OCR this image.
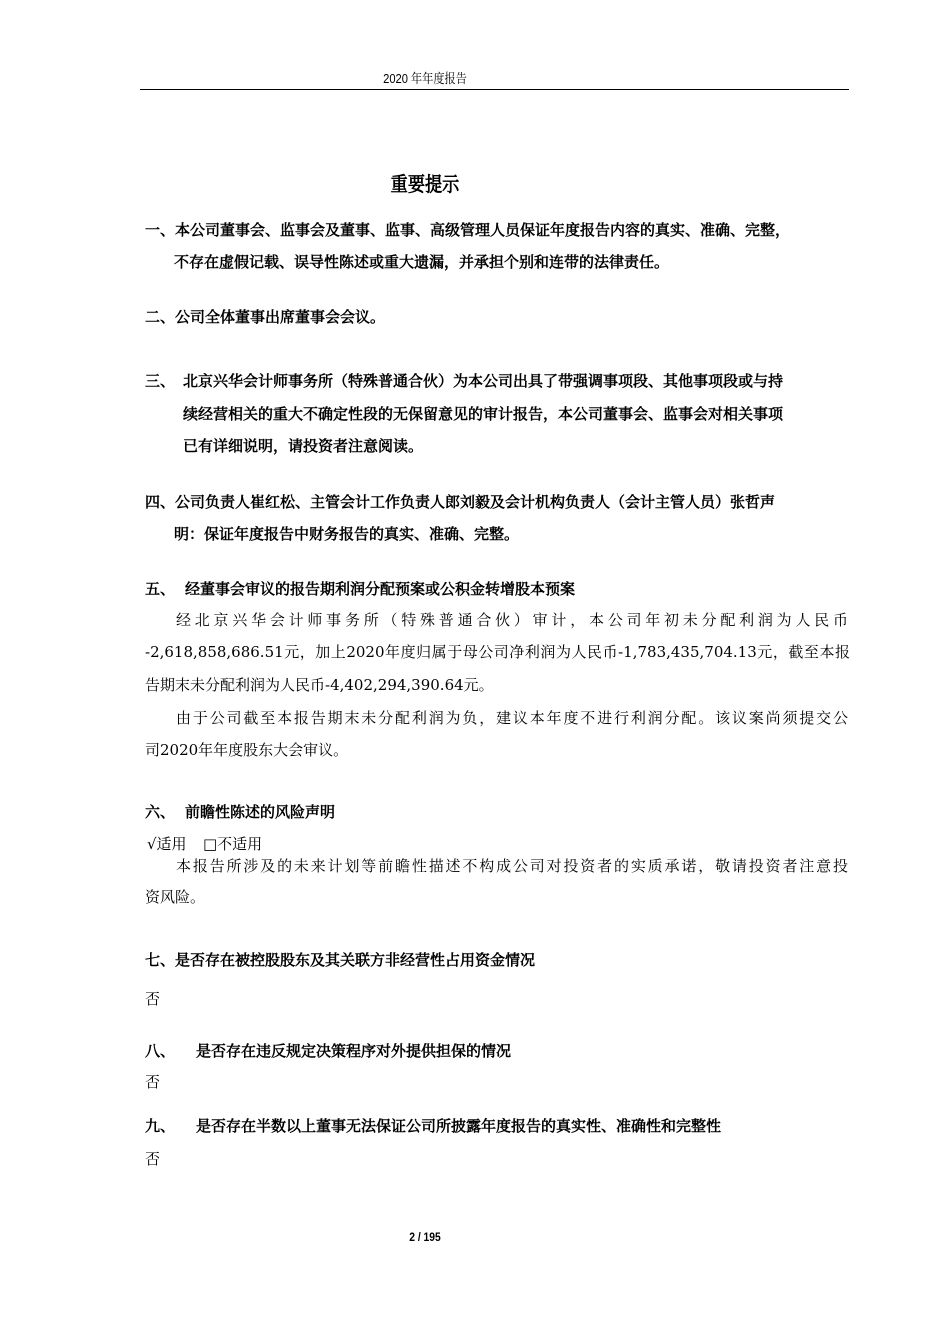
2020 年年度报告
重要提示
一、本公司董事会、监事会及董事、监事、高级管理人员保证年度报告内容的真实、准确、完整，
不存在虚假记载、误导性陈述或重大遗漏，并承担个别和连带的法律责任。
二、公司全体董事出席董事会会议。
三、 北京兴华会计师事务所（特殊普通合伙）为本公司出具了带强调事项段、其他事项段或与持
续经营相关的重大不确定性段的无保留意见的审计报告，本公司董事会、监事会对相关事项
已有详细说明，请投资者注意阅读。
四、公司负责人崔红松、主管会计工作负责人郎刘毅及会计机构负责人（会计主管人员）张哲声
明：保证年度报告中财务报告的真实、准确、完整。
五、 经董事会审议的报告期利润分配预案或公积金转增股本预案
经北京兴华会计师事务所（特殊普通合伙）审计，本公司年初未分配利润为人民币
-2,618,858,686.51元，加上2020年度归属于母公司净利润为人民币-1,783,435,704.13元，截至本报
告期末未分配利润为人民币-4,402,294,390.64元。
由于公司截至本报告期末未分配利润为负，建议本年度不进行利润分配。该议案尚须提交公
司2020年年度股东大会审议。
六、 前瞻性陈述的风险声明
√适用 □不适用
本报告所涉及的未来计划等前瞻性描述不构成公司对投资者的实质承诺，敬请投资者注意投
资风险。
七、是否存在被控股股东及其关联方非经营性占用资金情况
否
八、 是否存在违反规定决策程序对外提供担保的情况
否
九、 是否存在半数以上董事无法保证公司所披露年度报告的真实性、准确性和完整性
否
2 / 195
